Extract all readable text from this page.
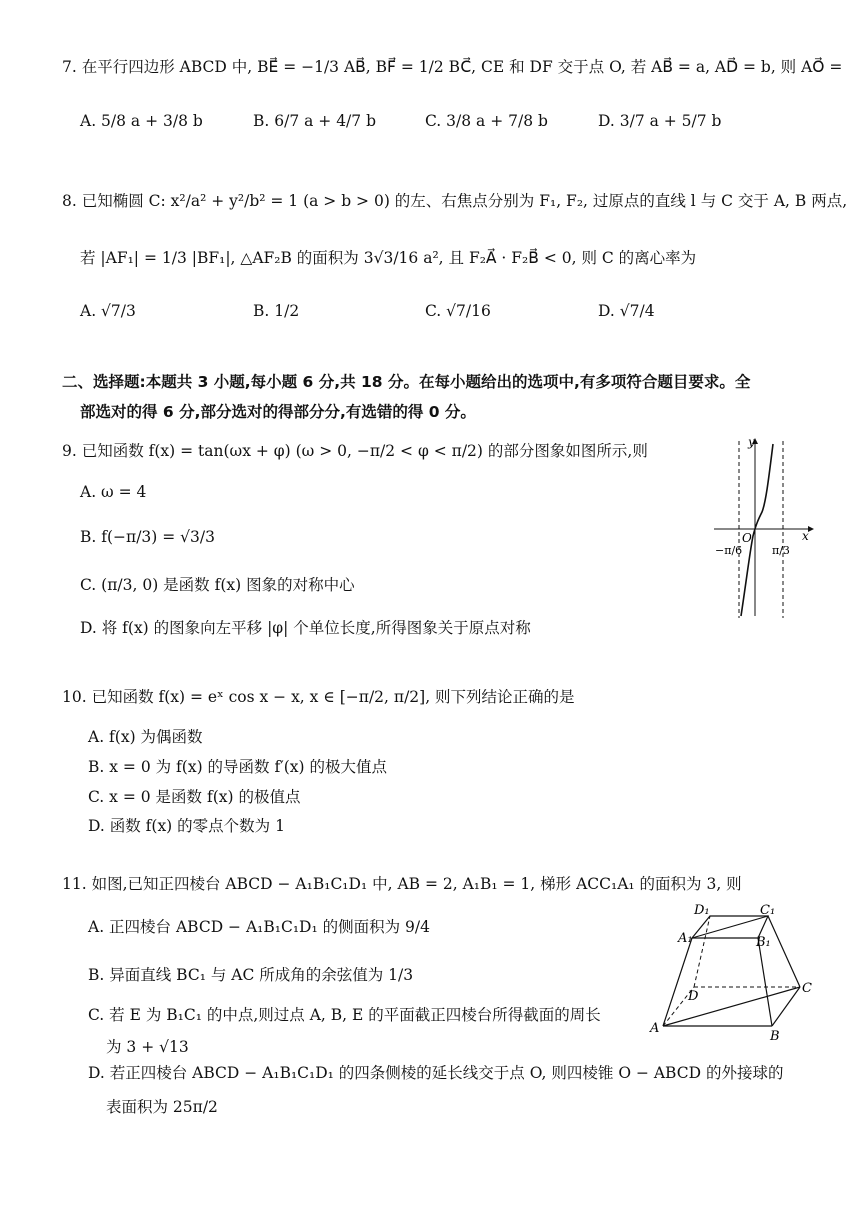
7. 在平行四边形 ABCD 中, BE⃗ = −1/3 AB⃗, BF⃗ = 1/2 BC⃗, CE 和 DF 交于点 O, 若 AB⃗ = a, AD⃗ = b, 则 AO⃗ =
A. 5/8 a + 3/8 b	B. 6/7 a + 4/7 b	C. 3/8 a + 7/8 b	D. 3/7 a + 5/7 b
8. 已知椭圆 C: x²/a² + y²/b² = 1 (a > b > 0) 的左、右焦点分别为 F₁, F₂, 过原点的直线 l 与 C 交于 A, B 两点,
若 |AF₁| = 1/3 |BF₁|, △AF₂B 的面积为 3√3/16 a², 且 F₂A⃗ · F₂B⃗ < 0, 则 C 的离心率为
A. √7/3	B. 1/2	C. √7/16	D. √7/4
二、选择题:本题共 3 小题,每小题 6 分,共 18 分。在每小题给出的选项中,有多项符合题目要求。全
部选对的得 6 分,部分选对的得部分分,有选错的得 0 分。
9. 已知函数 f(x) = tan(ωx + φ) (ω > 0, −π/2 < φ < π/2) 的部分图象如图所示,则
A. ω = 4
B. f(−π/3) = √3/3
C. (π/3, 0) 是函数 f(x) 图象的对称中心
D. 将 f(x) 的图象向左平移 |φ| 个单位长度,所得图象关于原点对称
y
x
O
−π/6	π/3
10. 已知函数 f(x) = eˣ cos x − x, x ∈ [−π/2, π/2], 则下列结论正确的是
A. f(x) 为偶函数
B. x = 0 为 f(x) 的导函数 f′(x) 的极大值点
C. x = 0 是函数 f(x) 的极值点
D. 函数 f(x) 的零点个数为 1
11. 如图,已知正四棱台 ABCD − A₁B₁C₁D₁ 中, AB = 2, A₁B₁ = 1, 梯形 ACC₁A₁ 的面积为 3, 则
A. 正四棱台 ABCD − A₁B₁C₁D₁ 的侧面积为 9/4
B. 异面直线 BC₁ 与 AC 所成角的余弦值为 1/3
C. 若 E 为 B₁C₁ 的中点,则过点 A, B, E 的平面截正四棱台所得截面的周长
为 3 + √13
D. 若正四棱台 ABCD − A₁B₁C₁D₁ 的四条侧棱的延长线交于点 O, 则四棱锥 O − ABCD 的外接球的
表面积为 25π/2
D₁	C₁
A₁	B₁
D
C
A
B
